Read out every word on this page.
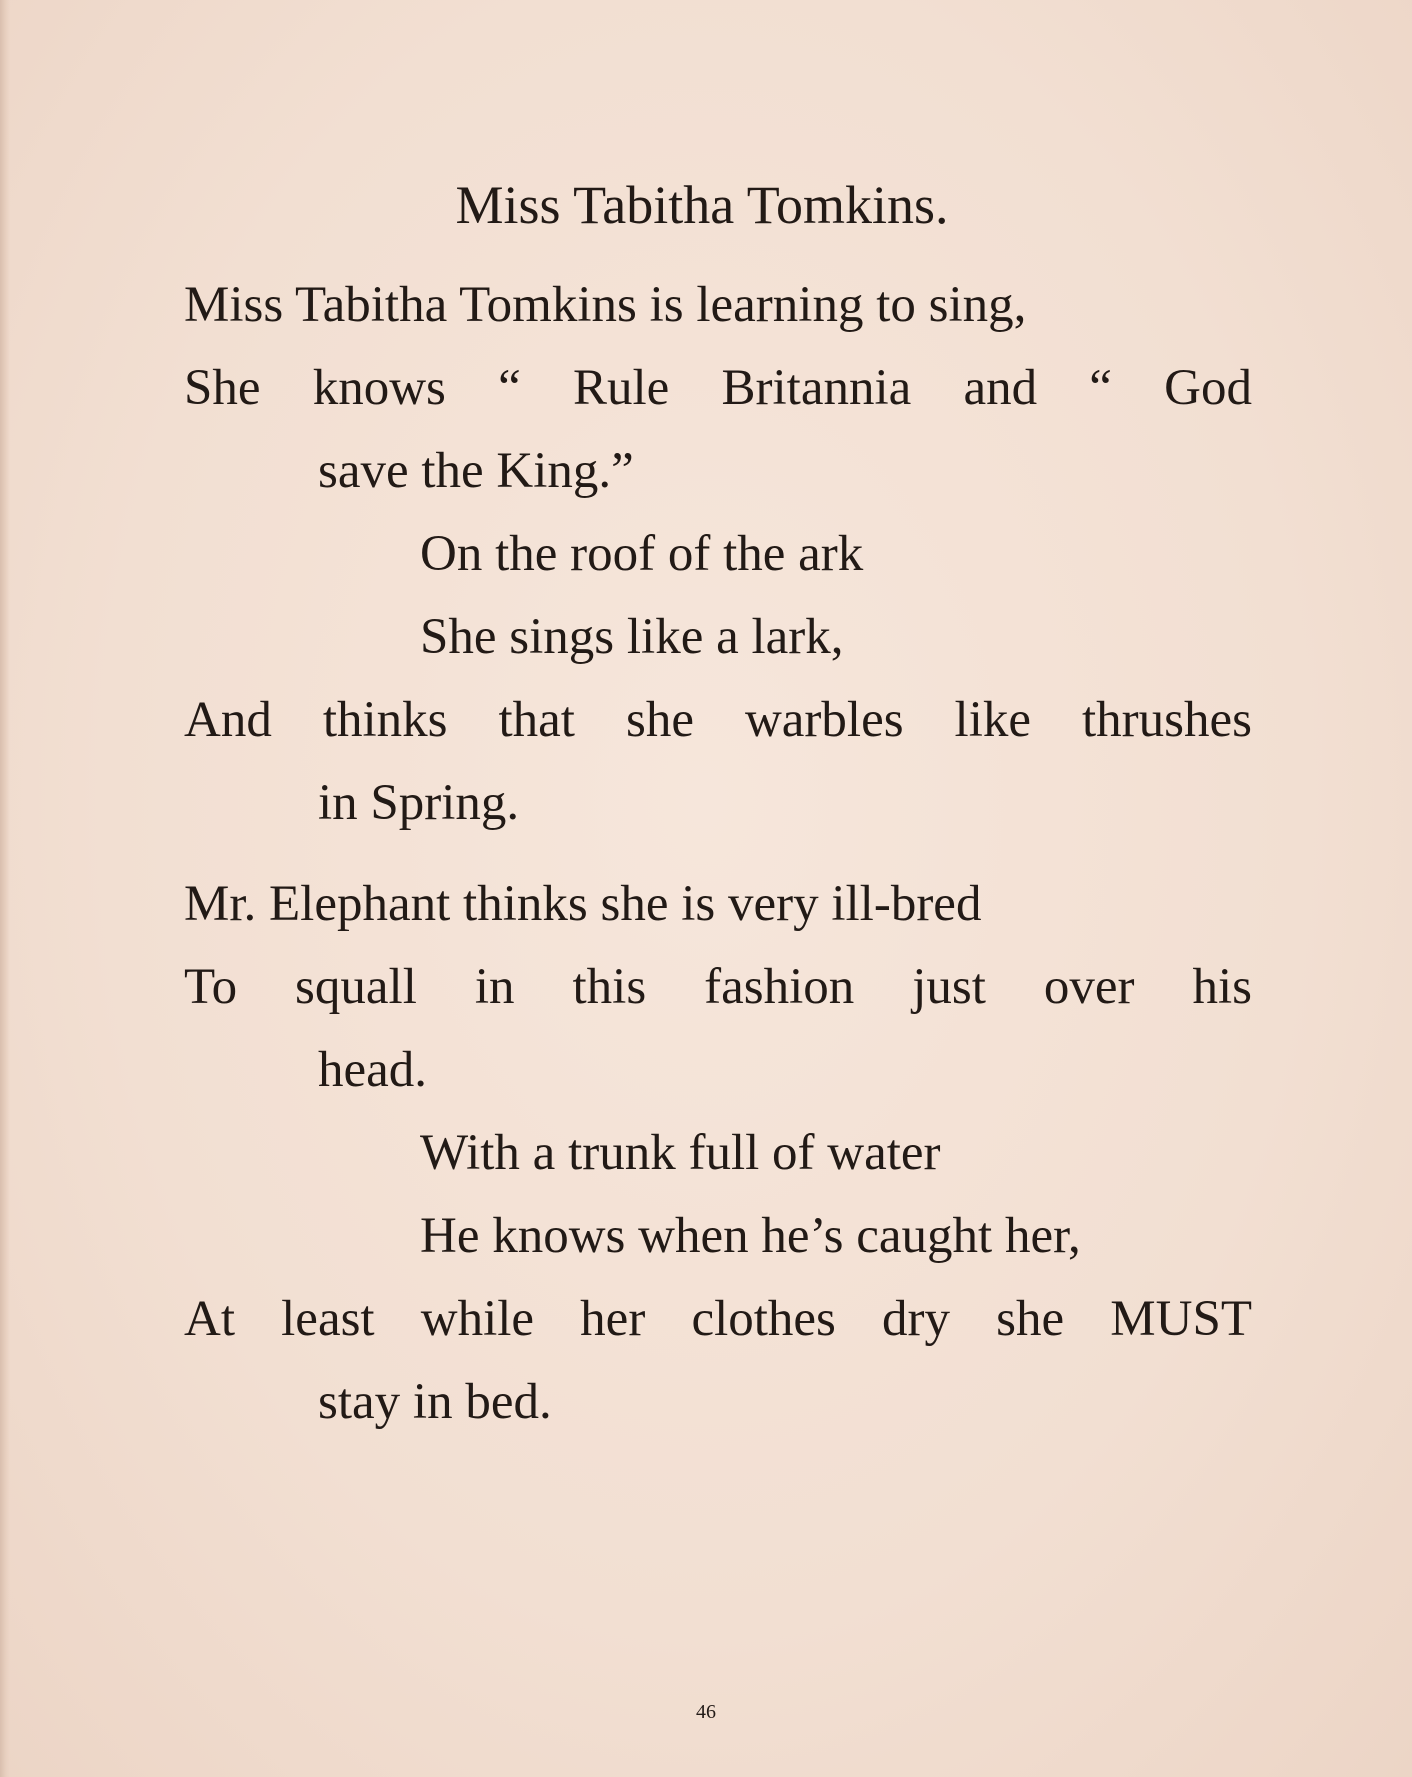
Miss Tabitha Tomkins.
Miss Tabitha Tomkins is learning to sing,
She knows “ Rule Britannia and “ God
save the King.”
On the roof of the ark
She sings like a lark,
And thinks that she warbles like thrushes
in Spring.
Mr. Elephant thinks she is very ill-bred
To squall in this fashion just over his
head.
With a trunk full of water
He knows when he’s caught her,
At least while her clothes dry she MUST
stay in bed.
46
